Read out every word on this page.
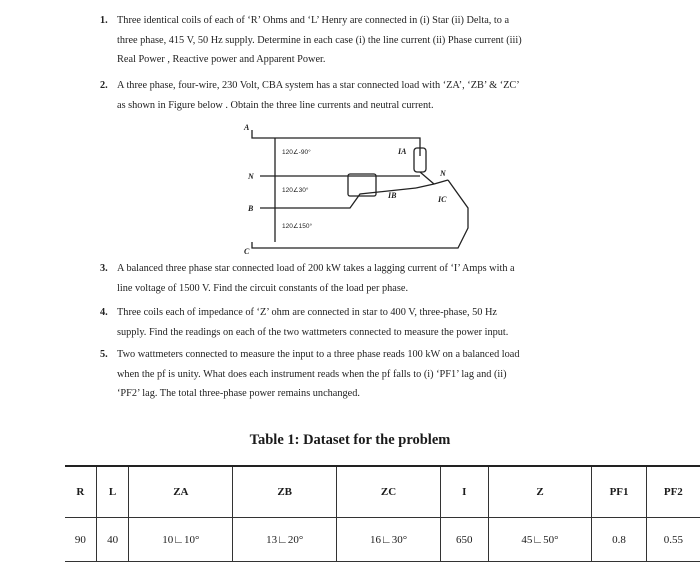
1. Three identical coils of each of ‘R’ Ohms and ‘L’ Henry are connected in (i) Star (ii) Delta, to a
three phase, 415 V, 50 Hz supply. Determine in each case (i) the line current (ii) Phase current (iii)
Real Power , Reactive power and Apparent Power.
2. A three phase, four-wire, 230 Volt, CBA system has a star connected load with ‘ZA’, ‘ZB’ & ‘ZC’
as shown in Figure below . Obtain the three line currents and neutral current.
A
N
B
C
N
120∠-90°
120∠30°
120∠150°
IA
IB	IC
3. A balanced three phase star connected load of 200 kW takes a lagging current of ‘I’ Amps with a
line voltage of 1500 V. Find the circuit constants of the load per phase.
4. Three coils each of impedance of ‘Z’ ohm are connected in star to 400 V, three-phase, 50 Hz
supply. Find the readings on each of the two wattmeters connected to measure the power input.
5. Two wattmeters connected to measure the input to a three phase reads 100 kW on a balanced load
when the pf is unity. What does each instrument reads when the pf falls to (i) ‘PF1’ lag and (ii)
‘PF2’ lag. The total three-phase power remains unchanged.
Table 1: Dataset for the problem
R	L	ZA	ZB	ZC	I	Z	PF1	PF2
90	40	10∟10°	13∟20°	16∟30°	650	45∟50°	0.8	0.55
